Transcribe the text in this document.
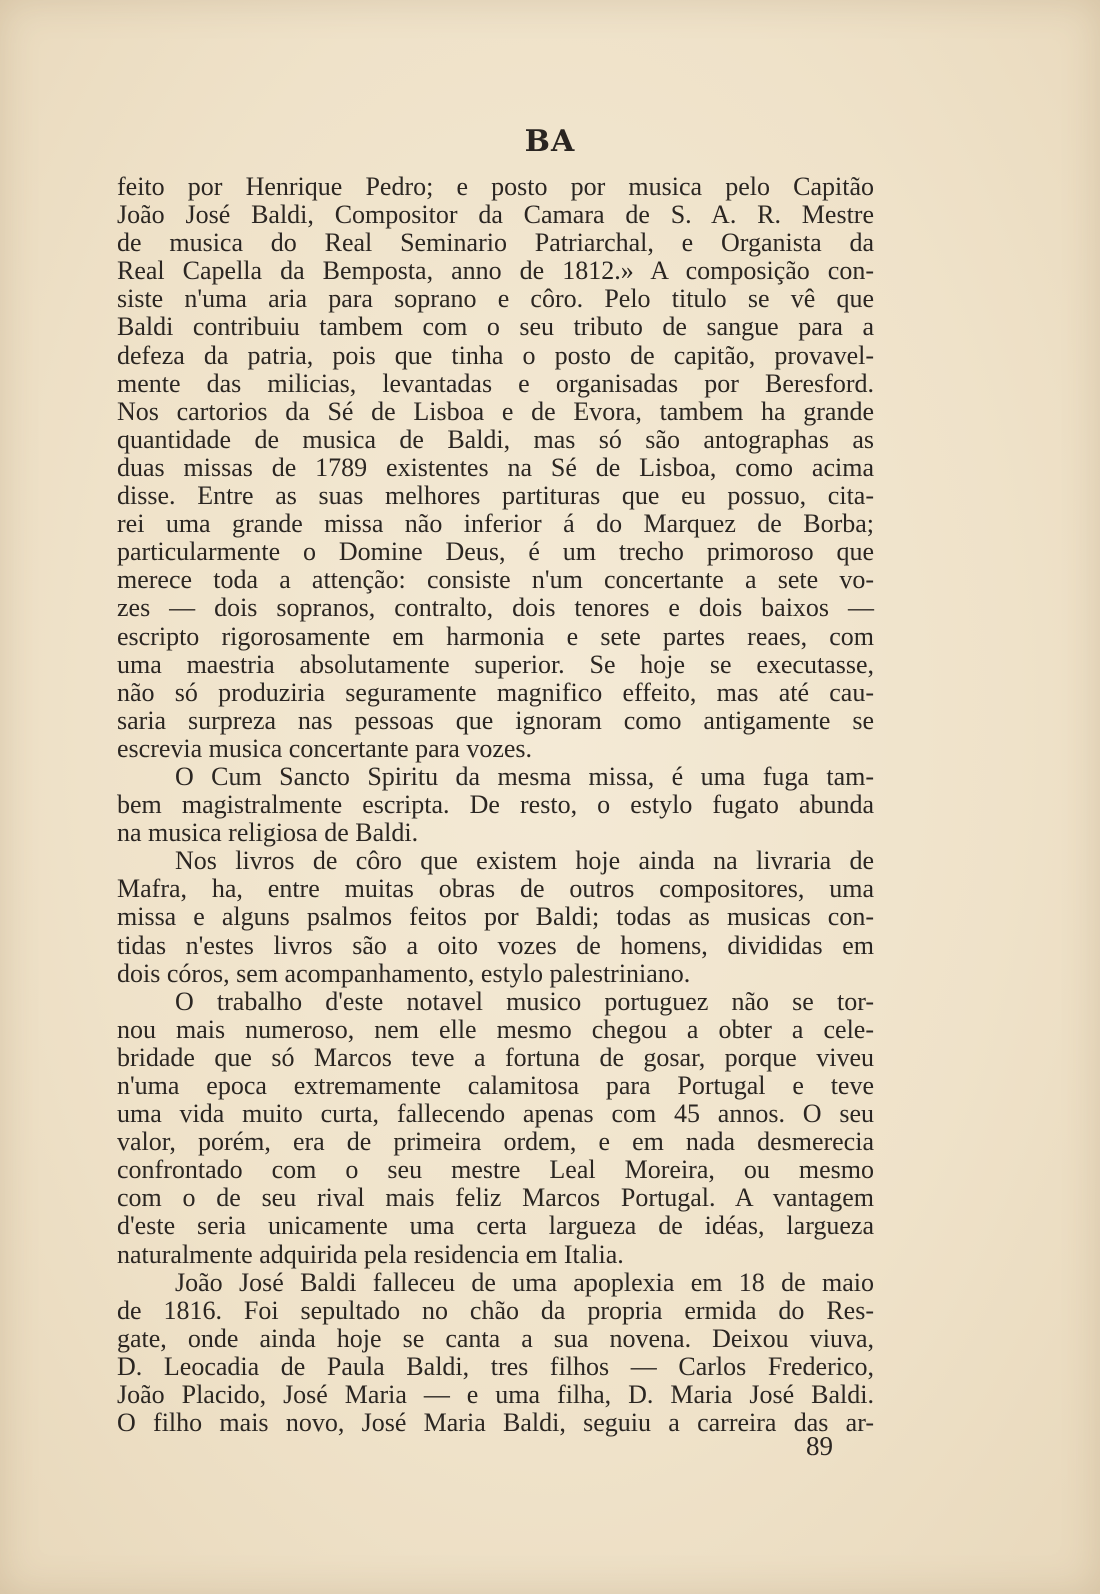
BA
feito por Henrique Pedro; e posto por musica pelo Capitão
João José Baldi, Compositor da Camara de S. A. R. Mestre
de musica do Real Seminario Patriarchal, e Organista da
Real Capella da Bemposta, anno de 1812.» A composição con-
siste n'uma aria para soprano e côro. Pelo titulo se vê que
Baldi contribuiu tambem com o seu tributo de sangue para a
defeza da patria, pois que tinha o posto de capitão, provavel-
mente das milicias, levantadas e organisadas por Beresford.
Nos cartorios da Sé de Lisboa e de Evora, tambem ha grande
quantidade de musica de Baldi, mas só são antographas as
duas missas de 1789 existentes na Sé de Lisboa, como acima
disse. Entre as suas melhores partituras que eu possuo, cita-
rei uma grande missa não inferior á do Marquez de Borba;
particularmente o Domine Deus, é um trecho primoroso que
merece toda a attenção: consiste n'um concertante a sete vo-
zes — dois sopranos, contralto, dois tenores e dois baixos —
escripto rigorosamente em harmonia e sete partes reaes, com
uma maestria absolutamente superior. Se hoje se executasse,
não só produziria seguramente magnifico effeito, mas até cau-
saria surpreza nas pessoas que ignoram como antigamente se
escrevia musica concertante para vozes.
O Cum Sancto Spiritu da mesma missa, é uma fuga tam-
bem magistralmente escripta. De resto, o estylo fugato abunda
na musica religiosa de Baldi.
Nos livros de côro que existem hoje ainda na livraria de
Mafra, ha, entre muitas obras de outros compositores, uma
missa e alguns psalmos feitos por Baldi; todas as musicas con-
tidas n'estes livros são a oito vozes de homens, divididas em
dois córos, sem acompanhamento, estylo palestriniano.
O trabalho d'este notavel musico portuguez não se tor-
nou mais numeroso, nem elle mesmo chegou a obter a cele-
bridade que só Marcos teve a fortuna de gosar, porque viveu
n'uma epoca extremamente calamitosa para Portugal e teve
uma vida muito curta, fallecendo apenas com 45 annos. O seu
valor, porém, era de primeira ordem, e em nada desmerecia
confrontado com o seu mestre Leal Moreira, ou mesmo
com o de seu rival mais feliz Marcos Portugal. A vantagem
d'este seria unicamente uma certa largueza de idéas, largueza
naturalmente adquirida pela residencia em Italia.
João José Baldi falleceu de uma apoplexia em 18 de maio
de 1816. Foi sepultado no chão da propria ermida do Res-
gate, onde ainda hoje se canta a sua novena. Deixou viuva,
D. Leocadia de Paula Baldi, tres filhos — Carlos Frederico,
João Placido, José Maria — e uma filha, D. Maria José Baldi.
O filho mais novo, José Maria Baldi, seguiu a carreira das ar-
89
